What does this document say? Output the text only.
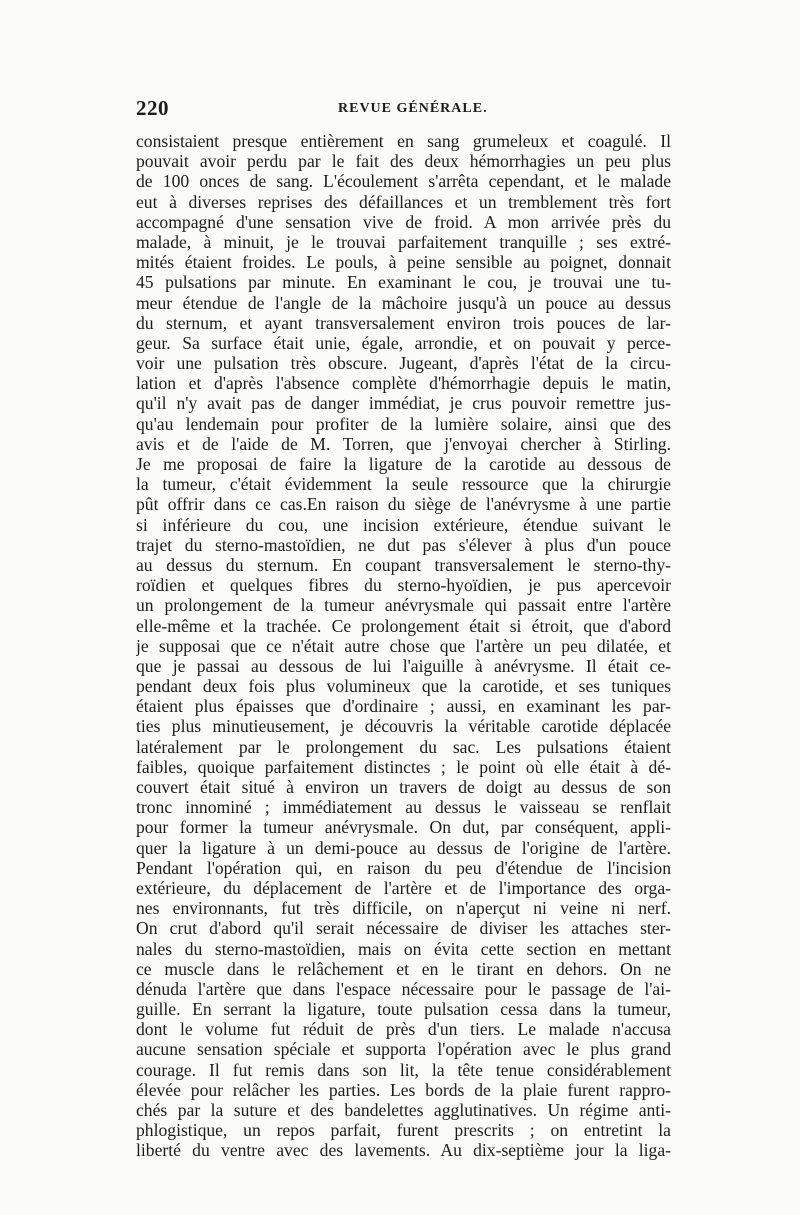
220	REVUE GÉNÉRALE.
consistaient presque entièrement en sang grumeleux et coagulé. Il
pouvait avoir perdu par le fait des deux hémorrhagies un peu plus
de 100 onces de sang. L'écoulement s'arrêta cependant, et le malade
eut à diverses reprises des défaillances et un tremblement très fort
accompagné d'une sensation vive de froid. A mon arrivée près du
malade, à minuit, je le trouvai parfaitement tranquille ; ses extré-
mités étaient froides. Le pouls, à peine sensible au poignet, donnait
45 pulsations par minute. En examinant le cou, je trouvai une tu-
meur étendue de l'angle de la mâchoire jusqu'à un pouce au dessus
du sternum, et ayant transversalement environ trois pouces de lar-
geur. Sa surface était unie, égale, arrondie, et on pouvait y perce-
voir une pulsation très obscure. Jugeant, d'après l'état de la circu-
lation et d'après l'absence complète d'hémorrhagie depuis le matin,
qu'il n'y avait pas de danger immédiat, je crus pouvoir remettre jus-
qu'au lendemain pour profiter de la lumière solaire, ainsi que des
avis et de l'aide de M. Torren, que j'envoyai chercher à Stirling.
Je me proposai de faire la ligature de la carotide au dessous de
la tumeur, c'était évidemment la seule ressource que la chirurgie
pût offrir dans ce cas.En raison du siège de l'anévrysme à une partie
si inférieure du cou, une incision extérieure, étendue suivant le
trajet du sterno-mastoïdien, ne dut pas s'élever à plus d'un pouce
au dessus du sternum. En coupant transversalement le sterno-thy-
roïdien et quelques fibres du sterno-hyoïdien, je pus apercevoir
un prolongement de la tumeur anévrysmale qui passait entre l'artère
elle-même et la trachée. Ce prolongement était si étroit, que d'abord
je supposai que ce n'était autre chose que l'artère un peu dilatée, et
que je passai au dessous de lui l'aiguille à anévrysme. Il était ce-
pendant deux fois plus volumineux que la carotide, et ses tuniques
étaient plus épaisses que d'ordinaire ; aussi, en examinant les par-
ties plus minutieusement, je découvris la véritable carotide déplacée
latéralement par le prolongement du sac. Les pulsations étaient
faibles, quoique parfaitement distinctes ; le point où elle était à dé-
couvert était situé à environ un travers de doigt au dessus de son
tronc innominé ; immédiatement au dessus le vaisseau se renflait
pour former la tumeur anévrysmale. On dut, par conséquent, appli-
quer la ligature à un demi-pouce au dessus de l'origine de l'artère.
Pendant l'opération qui, en raison du peu d'étendue de l'incision
extérieure, du déplacement de l'artère et de l'importance des orga-
nes environnants, fut très difficile, on n'aperçut ni veine ni nerf.
On crut d'abord qu'il serait nécessaire de diviser les attaches ster-
nales du sterno-mastoïdien, mais on évita cette section en mettant
ce muscle dans le relâchement et en le tirant en dehors. On ne
dénuda l'artère que dans l'espace nécessaire pour le passage de l'ai-
guille. En serrant la ligature, toute pulsation cessa dans la tumeur,
dont le volume fut réduit de près d'un tiers. Le malade n'accusa
aucune sensation spéciale et supporta l'opération avec le plus grand
courage. Il fut remis dans son lit, la tête tenue considérablement
élevée pour relâcher les parties. Les bords de la plaie furent rappro-
chés par la suture et des bandelettes agglutinatives. Un régime anti-
phlogistique, un repos parfait, furent prescrits ; on entretint la
liberté du ventre avec des lavements. Au dix-septième jour la liga-
